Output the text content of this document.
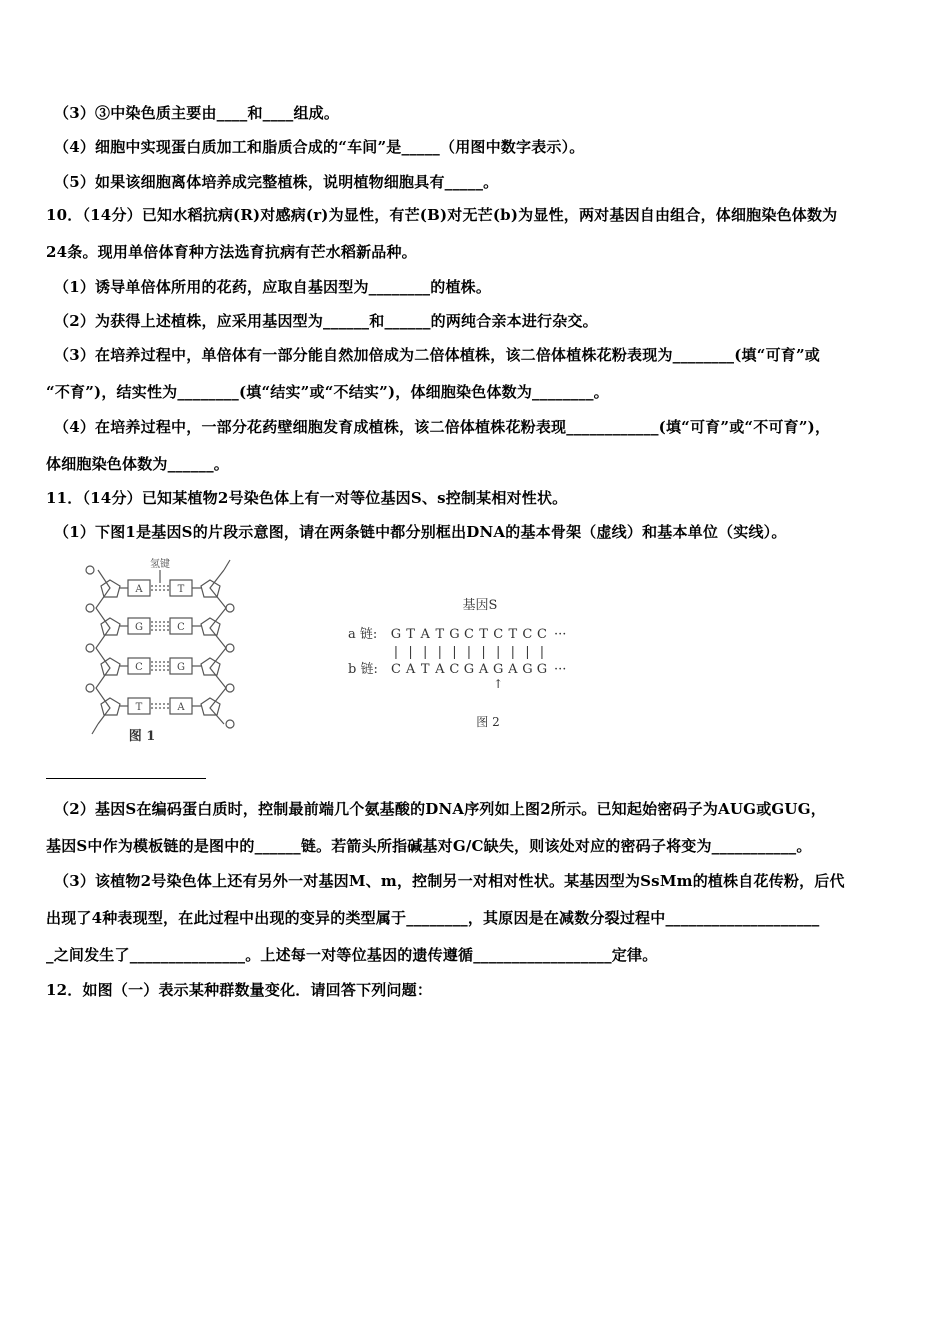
（3）③中染色质主要由____和____组成。
（4）细胞中实现蛋白质加工和脂质合成的“车间”是_____（用图中数字表示）。
（5）如果该细胞离体培养成完整植株，说明植物细胞具有_____。
10．（14分）已知水稻抗病(R)对感病(r)为显性，有芒(B)对无芒(b)为显性，两对基因自由组合，体细胞染色体数为
24条。现用单倍体育种方法选育抗病有芒水稻新品种。
（1）诱导单倍体所用的花药，应取自基因型为________的植株。
（2）为获得上述植株，应采用基因型为______和______的两纯合亲本进行杂交。
（3）在培养过程中，单倍体有一部分能自然加倍成为二倍体植株，该二倍体植株花粉表现为________(填“可育”或
“不育”)，结实性为________(填“结实”或“不结实”)，体细胞染色体数为________。
（4）在培养过程中，一部分花药壁细胞发育成植株，该二倍体植株花粉表现____________(填“可育”或“不可育”)，
体细胞染色体数为______。
11．（14分）已知某植物2号染色体上有一对等位基因S、s控制某相对性状。
（1）下图1是基因S的片段示意图，请在两条链中都分别框出DNA的基本骨架（虚线）和基本单位（实线）。
氢键
A	T
G	C
C	G
T	A
图 1
基因S
a 链:
b 链:
图 2
G T A T G C T C T C C
| | | | | | | | | | |
C A T A C G A G A G G
···
···
↑
（2）基因S在编码蛋白质时，控制最前端几个氨基酸的DNA序列如上图2所示。已知起始密码子为AUG或GUG，
基因S中作为模板链的是图中的______链。若箭头所指碱基对G/C缺失，则该处对应的密码子将变为___________。
（3）该植物2号染色体上还有另外一对基因M、m，控制另一对相对性状。某基因型为SsMm的植株自花传粉，后代
出现了4种表现型，在此过程中出现的变异的类型属于________，其原因是在减数分裂过程中____________________
_之间发生了_______________。上述每一对等位基因的遗传遵循__________________定律。
12．如图（一）表示某种群数量变化．请回答下列问题：
